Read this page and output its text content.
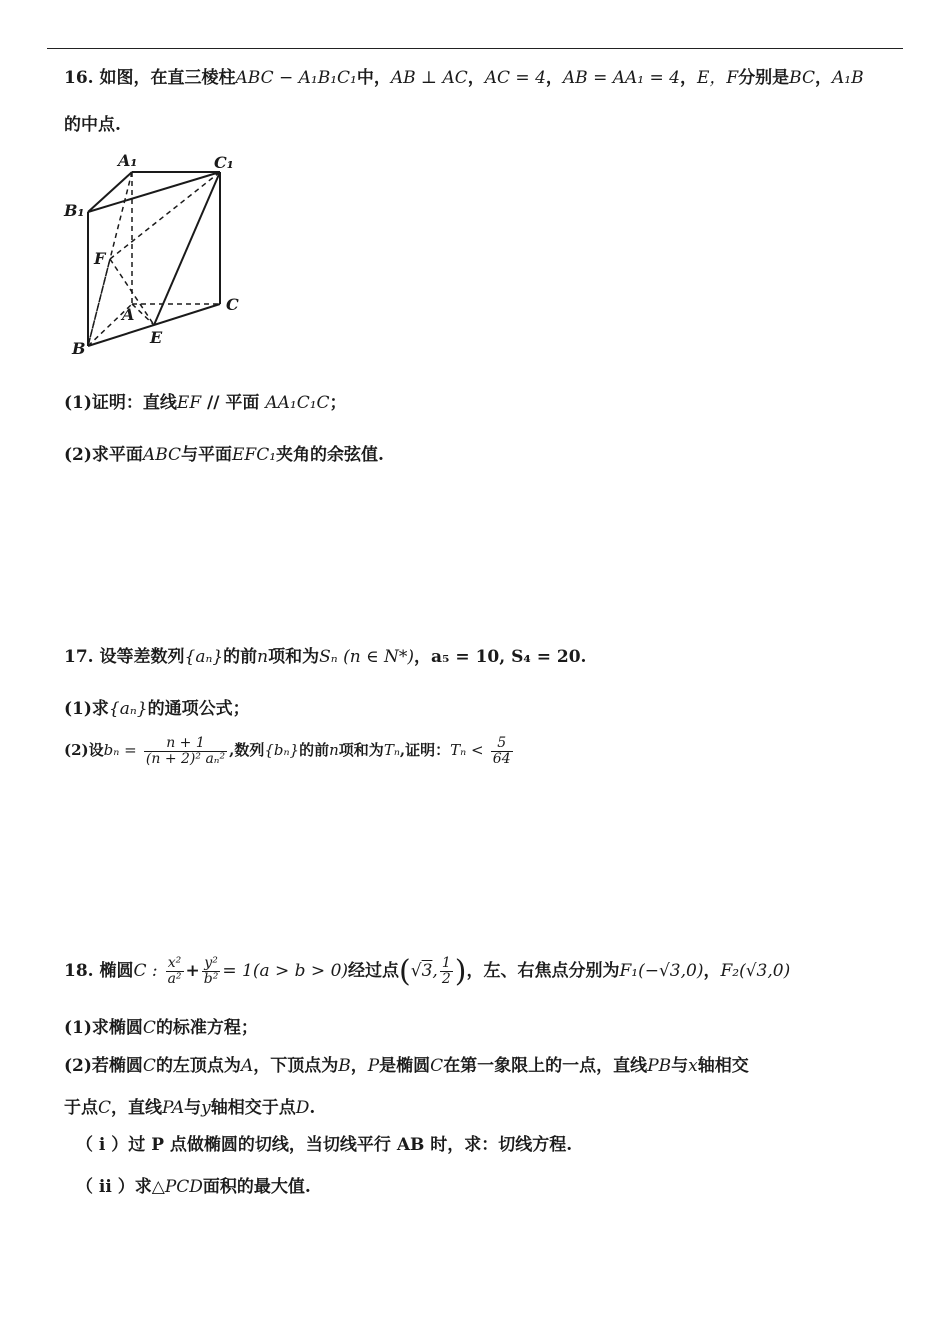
16. 如图，在直三棱柱ABC − A₁B₁C₁中，AB ⊥ AC，AC = 4，AB = AA₁ = 4，E，F分别是BC，A₁B
的中点.
A₁	C₁
B₁
F
A
C
B
E
(1)证明：直线EF // 平面 AA₁C₁C；
(2)求平面ABC与平面EFC₁夹角的余弦值.
17. 设等差数列{aₙ}的前n项和为Sₙ (n ∈ N*)，a₅ = 10, S₄ = 20.
(1)求{aₙ}的通项公式；
(2)设$b_n = \frac{n + 1}{\text{(n + 2)² aₙ²}}$ ,数列{bₙ}的前n项和为Tₙ,证明：$T_n < \frac{5}{64}$
18. 椭圆C : $\frac{\text{x²}}{\text{a²}} + \frac{\text{y²}}{\text{b²}} = 1(a > b > 0)$经过点(√3, $\frac{1}{2}$ )，左、右焦点分别为F₁(−√3,0)，F₂(√3,0)
(1)求椭圆C的标准方程；
(2)若椭圆C的左顶点为A，下顶点为B，P是椭圆C在第一象限上的一点，直线PB与x轴相交
于点C，直线PA与y轴相交于点D.
（ i ）过 P 点做椭圆的切线，当切线平行 AB 时，求：切线方程.
（ ii ）求△PCD面积的最大值.
